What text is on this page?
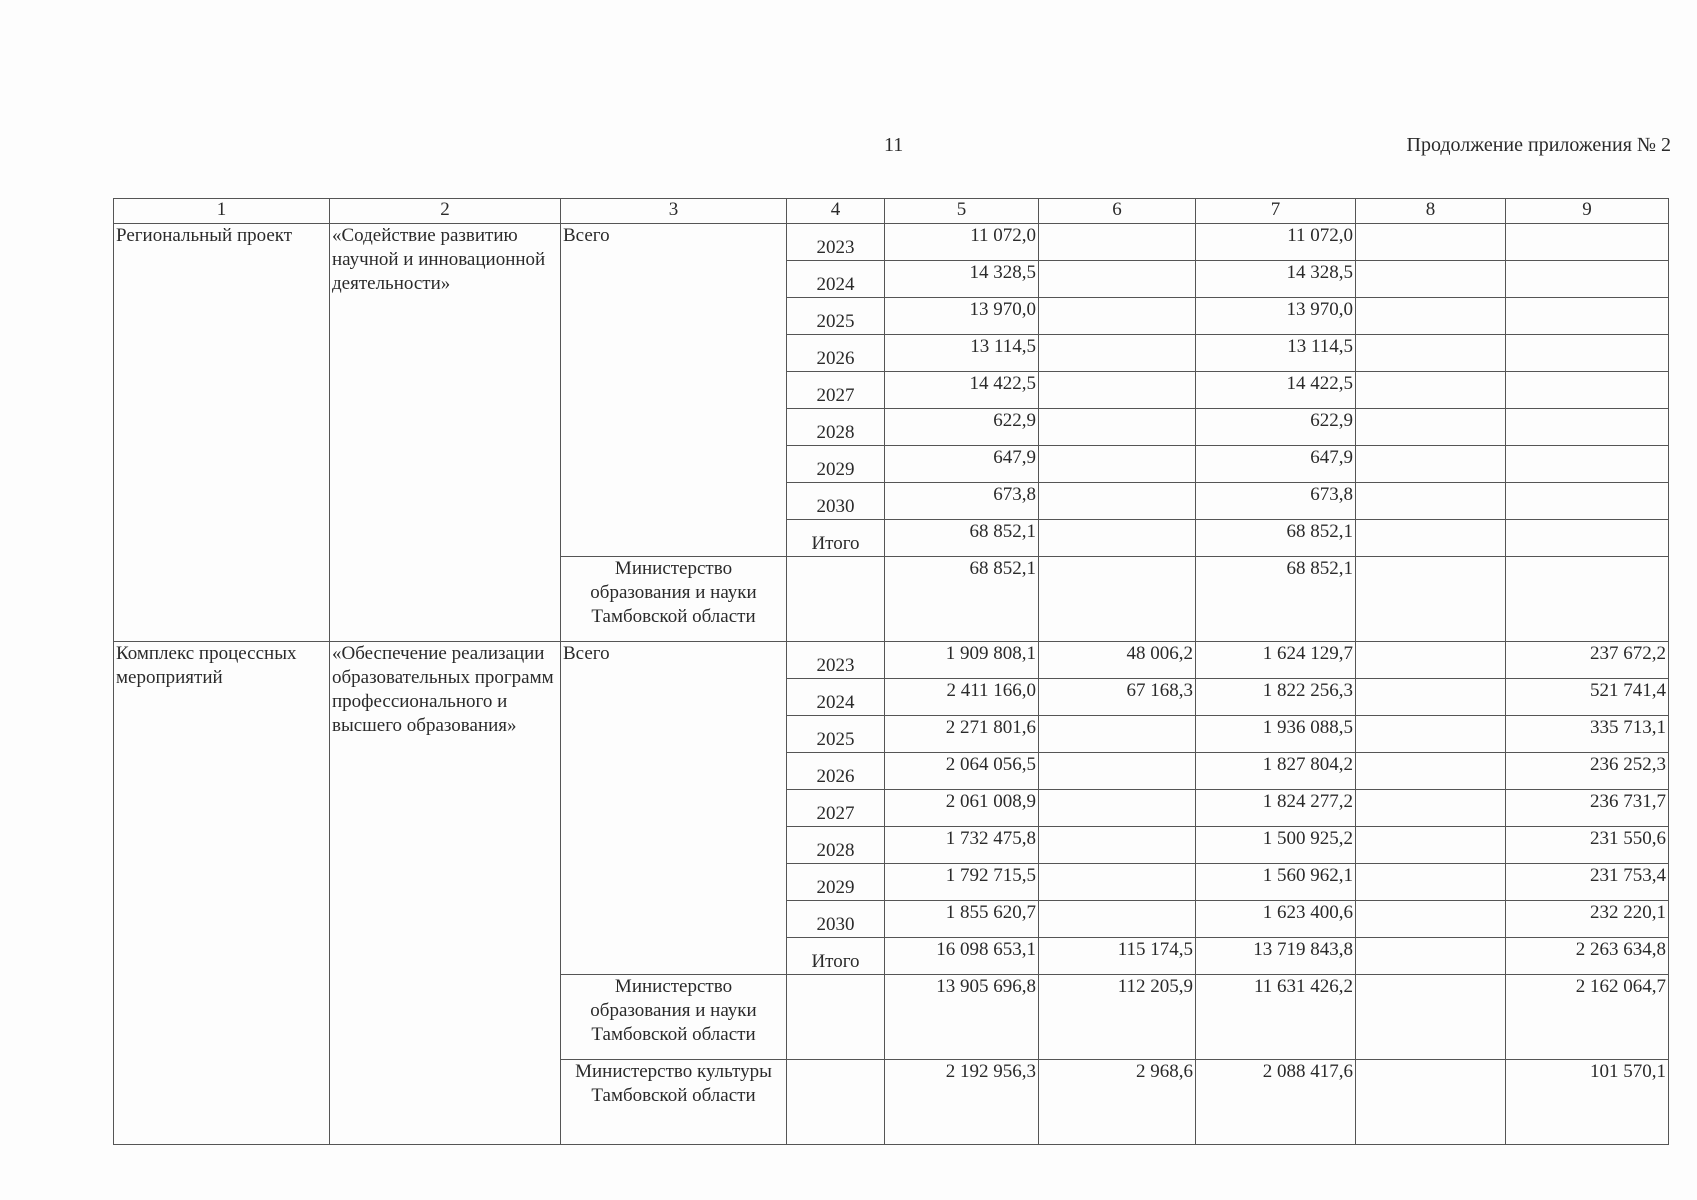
11	Продолжение приложения № 2
1	2	3	4	5	6	7	8	9
Региональный проект	«Содействие развитию научной и инновационной деятельности»	Всего	2023	11 072,0		11 072,0		
			2024	14 328,5		14 328,5		
			2025	13 970,0		13 970,0		
			2026	13 114,5		13 114,5		
			2027	14 422,5		14 422,5		
			2028	622,9		622,9		
			2029	647,9		647,9		
			2030	673,8		673,8		
			Итого	68 852,1		68 852,1		
		Министерство образования и науки Тамбовской области		68 852,1		68 852,1		
Комплекс процессных мероприятий	«Обеспечение реализации образовательных программ профессионального и высшего образования»	Всего	2023	1 909 808,1	48 006,2	1 624 129,7		237 672,2
			2024	2 411 166,0	67 168,3	1 822 256,3		521 741,4
			2025	2 271 801,6		1 936 088,5		335 713,1
			2026	2 064 056,5		1 827 804,2		236 252,3
			2027	2 061 008,9		1 824 277,2		236 731,7
			2028	1 732 475,8		1 500 925,2		231 550,6
			2029	1 792 715,5		1 560 962,1		231 753,4
			2030	1 855 620,7		1 623 400,6		232 220,1
			Итого	16 098 653,1	115 174,5	13 719 843,8		2 263 634,8
		Министерство образования и науки Тамбовской области		13 905 696,8	112 205,9	11 631 426,2		2 162 064,7
		Министерство культуры Тамбовской области		2 192 956,3	2 968,6	2 088 417,6		101 570,1
